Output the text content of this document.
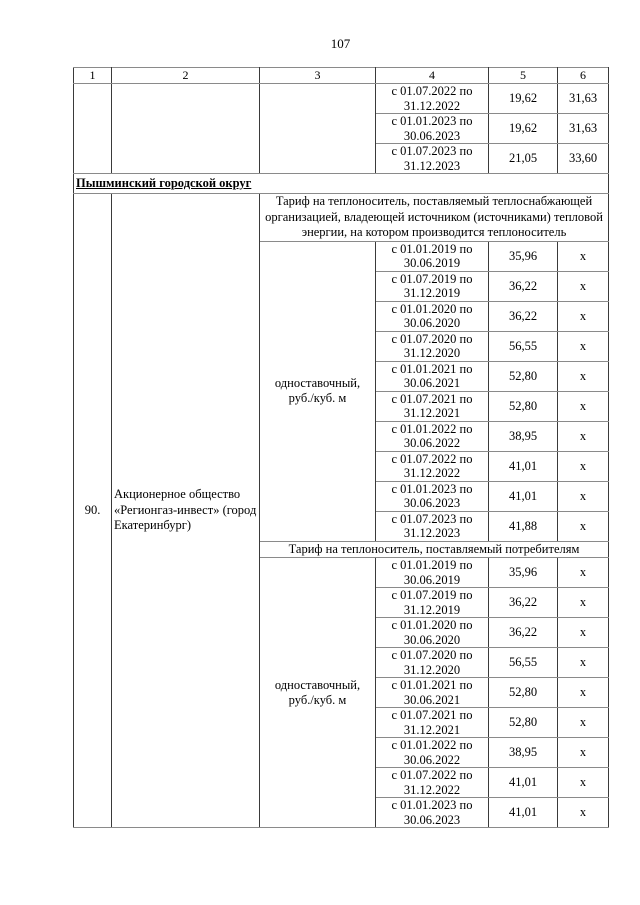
107
1	2	3	4	5	6
			с 01.07.2022 по 31.12.2022	19,62	31,63
			с 01.01.2023 по 30.06.2023	19,62	31,63
			с 01.07.2023 по 31.12.2023	21,05	33,60
Пышминский городской округ					
90.	Акционерное общество «Регионгаз-инвест» (город Екатеринбург)	Тариф на теплоноситель, поставляемый теплоснабжающей организацией, владеющей источником (источниками) тепловой энергии, на котором производится теплоноситель			
		одноставочный, руб./куб. м	с 01.01.2019 по 30.06.2019	35,96	х
			с 01.07.2019 по 31.12.2019	36,22	х
			с 01.01.2020 по 30.06.2020	36,22	х
			с 01.07.2020 по 31.12.2020	56,55	х
			с 01.01.2021 по 30.06.2021	52,80	х
			с 01.07.2021 по 31.12.2021	52,80	х
			с 01.01.2022 по 30.06.2022	38,95	х
			с 01.07.2022 по 31.12.2022	41,01	х
			с 01.01.2023 по 30.06.2023	41,01	х
			с 01.07.2023 по 31.12.2023	41,88	х
		Тариф на теплоноситель, поставляемый потребителям			
		одноставочный, руб./куб. м	с 01.01.2019 по 30.06.2019	35,96	х
			с 01.07.2019 по 31.12.2019	36,22	х
			с 01.01.2020 по 30.06.2020	36,22	х
			с 01.07.2020 по 31.12.2020	56,55	х
			с 01.01.2021 по 30.06.2021	52,80	х
			с 01.07.2021 по 31.12.2021	52,80	х
			с 01.01.2022 по 30.06.2022	38,95	х
			с 01.07.2022 по 31.12.2022	41,01	х
			с 01.01.2023 по 30.06.2023	41,01	х
